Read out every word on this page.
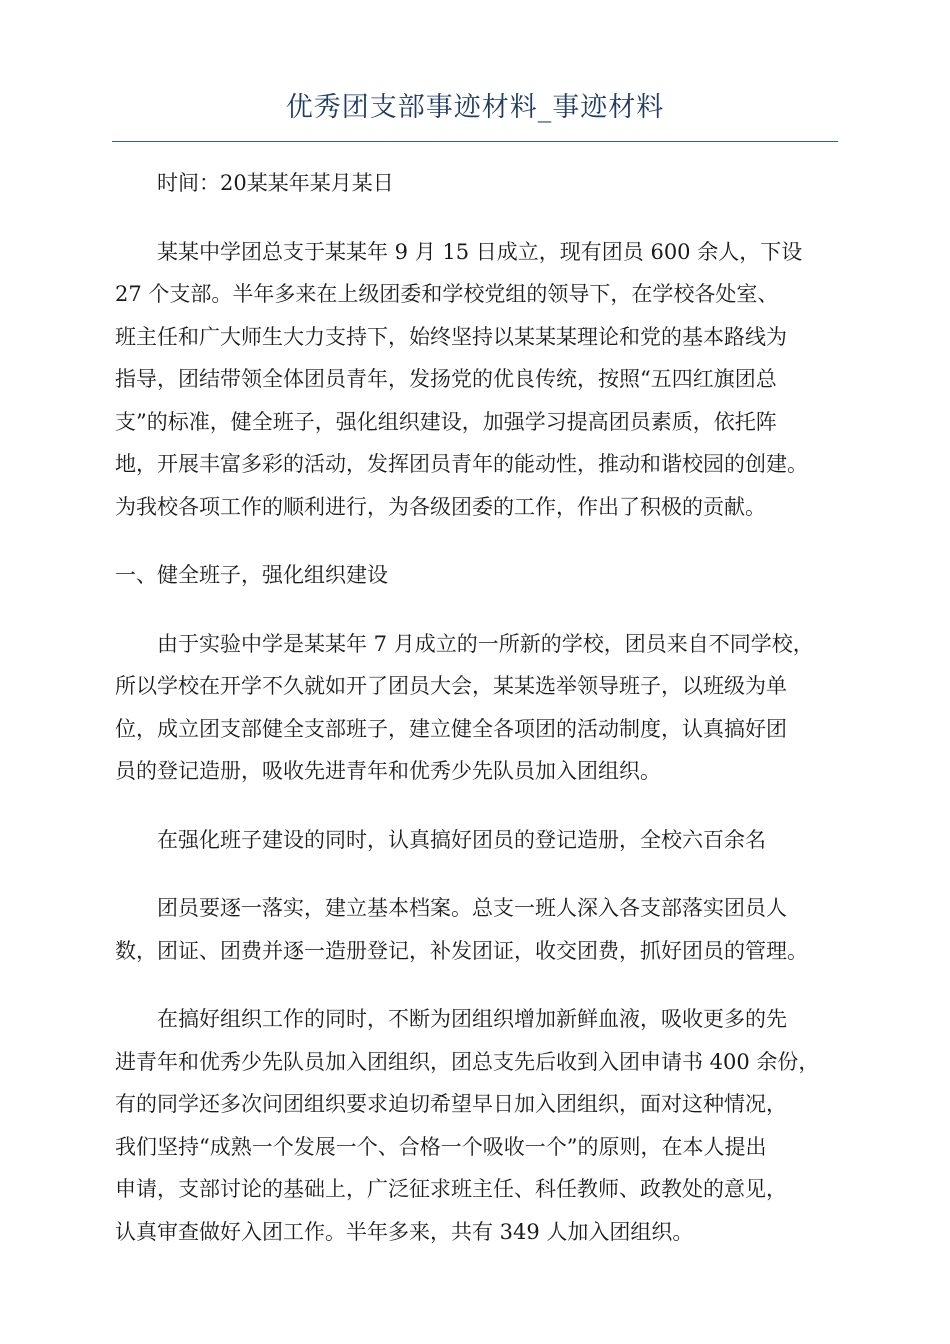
优秀团支部事迹材料_事迹材料

时间：20某某年某月某日

某某中学团总支于某某年 9 月 15 日成立，现有团员 600 余人，下设
27 个支部。半年多来在上级团委和学校党组的领导下，在学校各处室、
班主任和广大师生大力支持下，始终坚持以某某某理论和党的基本路线为
指导，团结带领全体团员青年，发扬党的优良传统，按照“五四红旗团总
支”的标准，健全班子，强化组织建设，加强学习提高团员素质，依托阵
地，开展丰富多彩的活动，发挥团员青年的能动性，推动和谐校园的创建。
为我校各项工作的顺利进行，为各级团委的工作，作出了积极的贡献。

一、健全班子，强化组织建设

由于实验中学是某某年 7 月成立的一所新的学校，团员来自不同学校，
所以学校在开学不久就如开了团员大会，某某选举领导班子，以班级为单
位，成立团支部健全支部班子，建立健全各项团的活动制度，认真搞好团
员的登记造册，吸收先进青年和优秀少先队员加入团组织。

在强化班子建设的同时，认真搞好团员的登记造册，全校六百余名

团员要逐一落实，建立基本档案。总支一班人深入各支部落实团员人
数，团证、团费并逐一造册登记，补发团证，收交团费，抓好团员的管理。

在搞好组织工作的同时，不断为团组织增加新鲜血液，吸收更多的先
进青年和优秀少先队员加入团组织，团总支先后收到入团申请书 400 余份，
有的同学还多次问团组织要求迫切希望早日加入团组织，面对这种情况，
我们坚持“成熟一个发展一个、合格一个吸收一个”的原则，在本人提出
申请，支部讨论的基础上，广泛征求班主任、科任教师、政教处的意见，
认真审查做好入团工作。半年多来，共有 349 人加入团组织。
